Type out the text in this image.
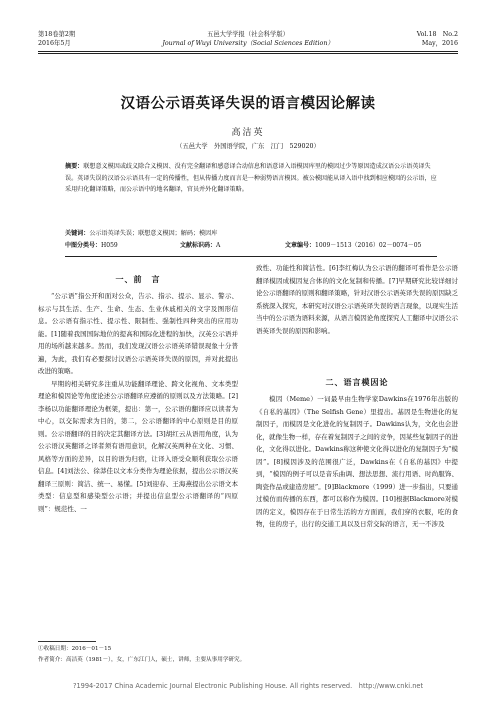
第18卷第2期
2016年5月
五邑大学学报（社会科学版）
Journal of Wuyi University（Social Sciences Edition）
Vol.18　No.2
May，2016
汉语公示语英译失误的语言模因论解读
高洁英
（五邑大学　外国语学院，广东　江门　529020）
摘要：联想意义模因或歧义除合义模因、没有完全翻译和感意译合动信息和语意译入语模因库里的模因过少等原因造成汉语公示语英译失误。英译失误的汉语公示语具有一定的传播性，但从传播力度而言是一种弱势语言模因。被公模因能从译入语中找到相应模因的公示语，应采用归化翻译策略，而公示语中的地名翻译，官员并外化翻译策略。
关键词：公示语英译失误；联想意义模因；解码；模因库
中图分类号：H059	文献标识码：A	文章编号：1009－1513（2016）02－0074－05
一、前　言

“公示语”指公开和面对公众，告示、指示、提示、显示、警示、标示与其生活、生产、生命、生态、生业休戚相关的文字及图形信息。公示语有指示性、提示性、限制性、强制性四种突出的应用功能。[1]随着我国国际地位的提高和国际化进程的加快，汉英公示语并用的场所越来越多。然而，我们发现汉语公示语英译错误现象十分普遍，为此，我们有必要探讨汉语公示语英译失误的原因，并对此提出改进的策略。

早期的相关研究多注重从功能翻译理论、跨文化视角、文本类型理论和模因论等角度论述公示语翻译应遵循的原则以及方法策略。[2]李杨以功能翻译理论为框架，提出：第一，公示语的翻译应以读者为中心，以交际需求为目的，第二，公示语翻译的中心原则是目的原则。公示语翻译的目的决定其翻译方法。[3]胡红云从语用角度，认为公示语汉英翻译之译者须有语用意识，化解汉英两种在文化、习惯、风格等方面的差异，以目的语为归宿，让译入语受众顺利获取公示语信息。[4]刘法公、徐莽佳以文本分类作为理论依据，提出公示语汉英翻译三原则：简洁、统一、易懂。[5]刘迎春、王海燕提出公示语文本类型：信息型和感染型公示语；并提出信息型公示语翻译的“四原则”：规范性、一

致性、功能性和简洁性。[6]李红梅认为公示语的翻译可看作是公示语翻译模因成模因复合体的的文化复制和传播。[7]早期研究比较详细讨论公示语翻译的原则和翻译策略，针对汉语公示语英译失误的原因缺乏系统深入探究，本研究对汉语公示语英译失误的语言现象，以现实生活当中的公示语为语料来源，从语言模因论角度探究人工翻译中汉语公示语英译失误的原因和影响。

二、语言模因论

模因（Meme）一词最早由生物学家Dawkins在1976年出版的《自私的基因》（The Selfish Gene）里提出。基因是生物进化的复制因子，而模因是文化进化的复制因子。Dawkins认为，文化也会进化，就像生物一样，存在着复制因子之间的竞争，因某些复制因子的进化，文化得以进化。Dawkins称这种使文化得以进化的复制因子为“模因”。[8]模因涉及的范围很广泛，Dawkins在《自私的基因》中提到，“模因的例子可以是音乐曲调、想法思想、流行用语、时尚服饰、陶瓷作品或建造房屋”。[9]Blackmore（1999）进一步指出，只要通过模仿而传播的东西，都可以称作为模因。[10]根据Blackmore对模因的定义，模因存在于日常生活的方方面面，我们穿的衣服，吃的食物，住的房子，出行的交通工具以及日常交际的语言，无一不涉及

①收稿日期：2016－01－15
作者简介：高洁英（1981－），女，广东江门人，硕士，讲师，主要从事用学研究。
?1994-2017 China Academic Journal Electronic Publishing House. All rights reserved.　http://www.cnki.net
